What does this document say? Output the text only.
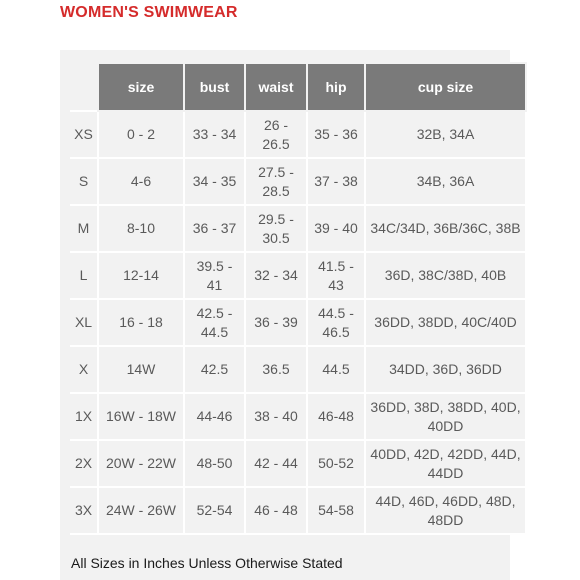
WOMEN'S SWIMWEAR
	size	bust	waist	hip	cup size
XS	0 - 2	33 - 34	26 - 26.5	35 - 36	32B, 34A
S	4-6	34 - 35	27.5 - 28.5	37 - 38	34B, 36A
M	8-10	36 - 37	29.5 - 30.5	39 - 40	34C/34D, 36B/36C, 38B
L	12-14	39.5 - 41	32 - 34	41.5 - 43	36D, 38C/38D, 40B
XL	16 - 18	42.5 - 44.5	36 - 39	44.5 - 46.5	36DD, 38DD, 40C/40D
X	14W	42.5	36.5	44.5	34DD, 36D, 36DD
1X	16W - 18W	44-46	38 - 40	46-48	36DD, 38D, 38DD, 40D, 40DD
2X	20W - 22W	48-50	42 - 44	50-52	40DD, 42D, 42DD, 44D, 44DD
3X	24W - 26W	52-54	46 - 48	54-58	44D, 46D, 46DD, 48D, 48DD
All Sizes in Inches Unless Otherwise Stated
